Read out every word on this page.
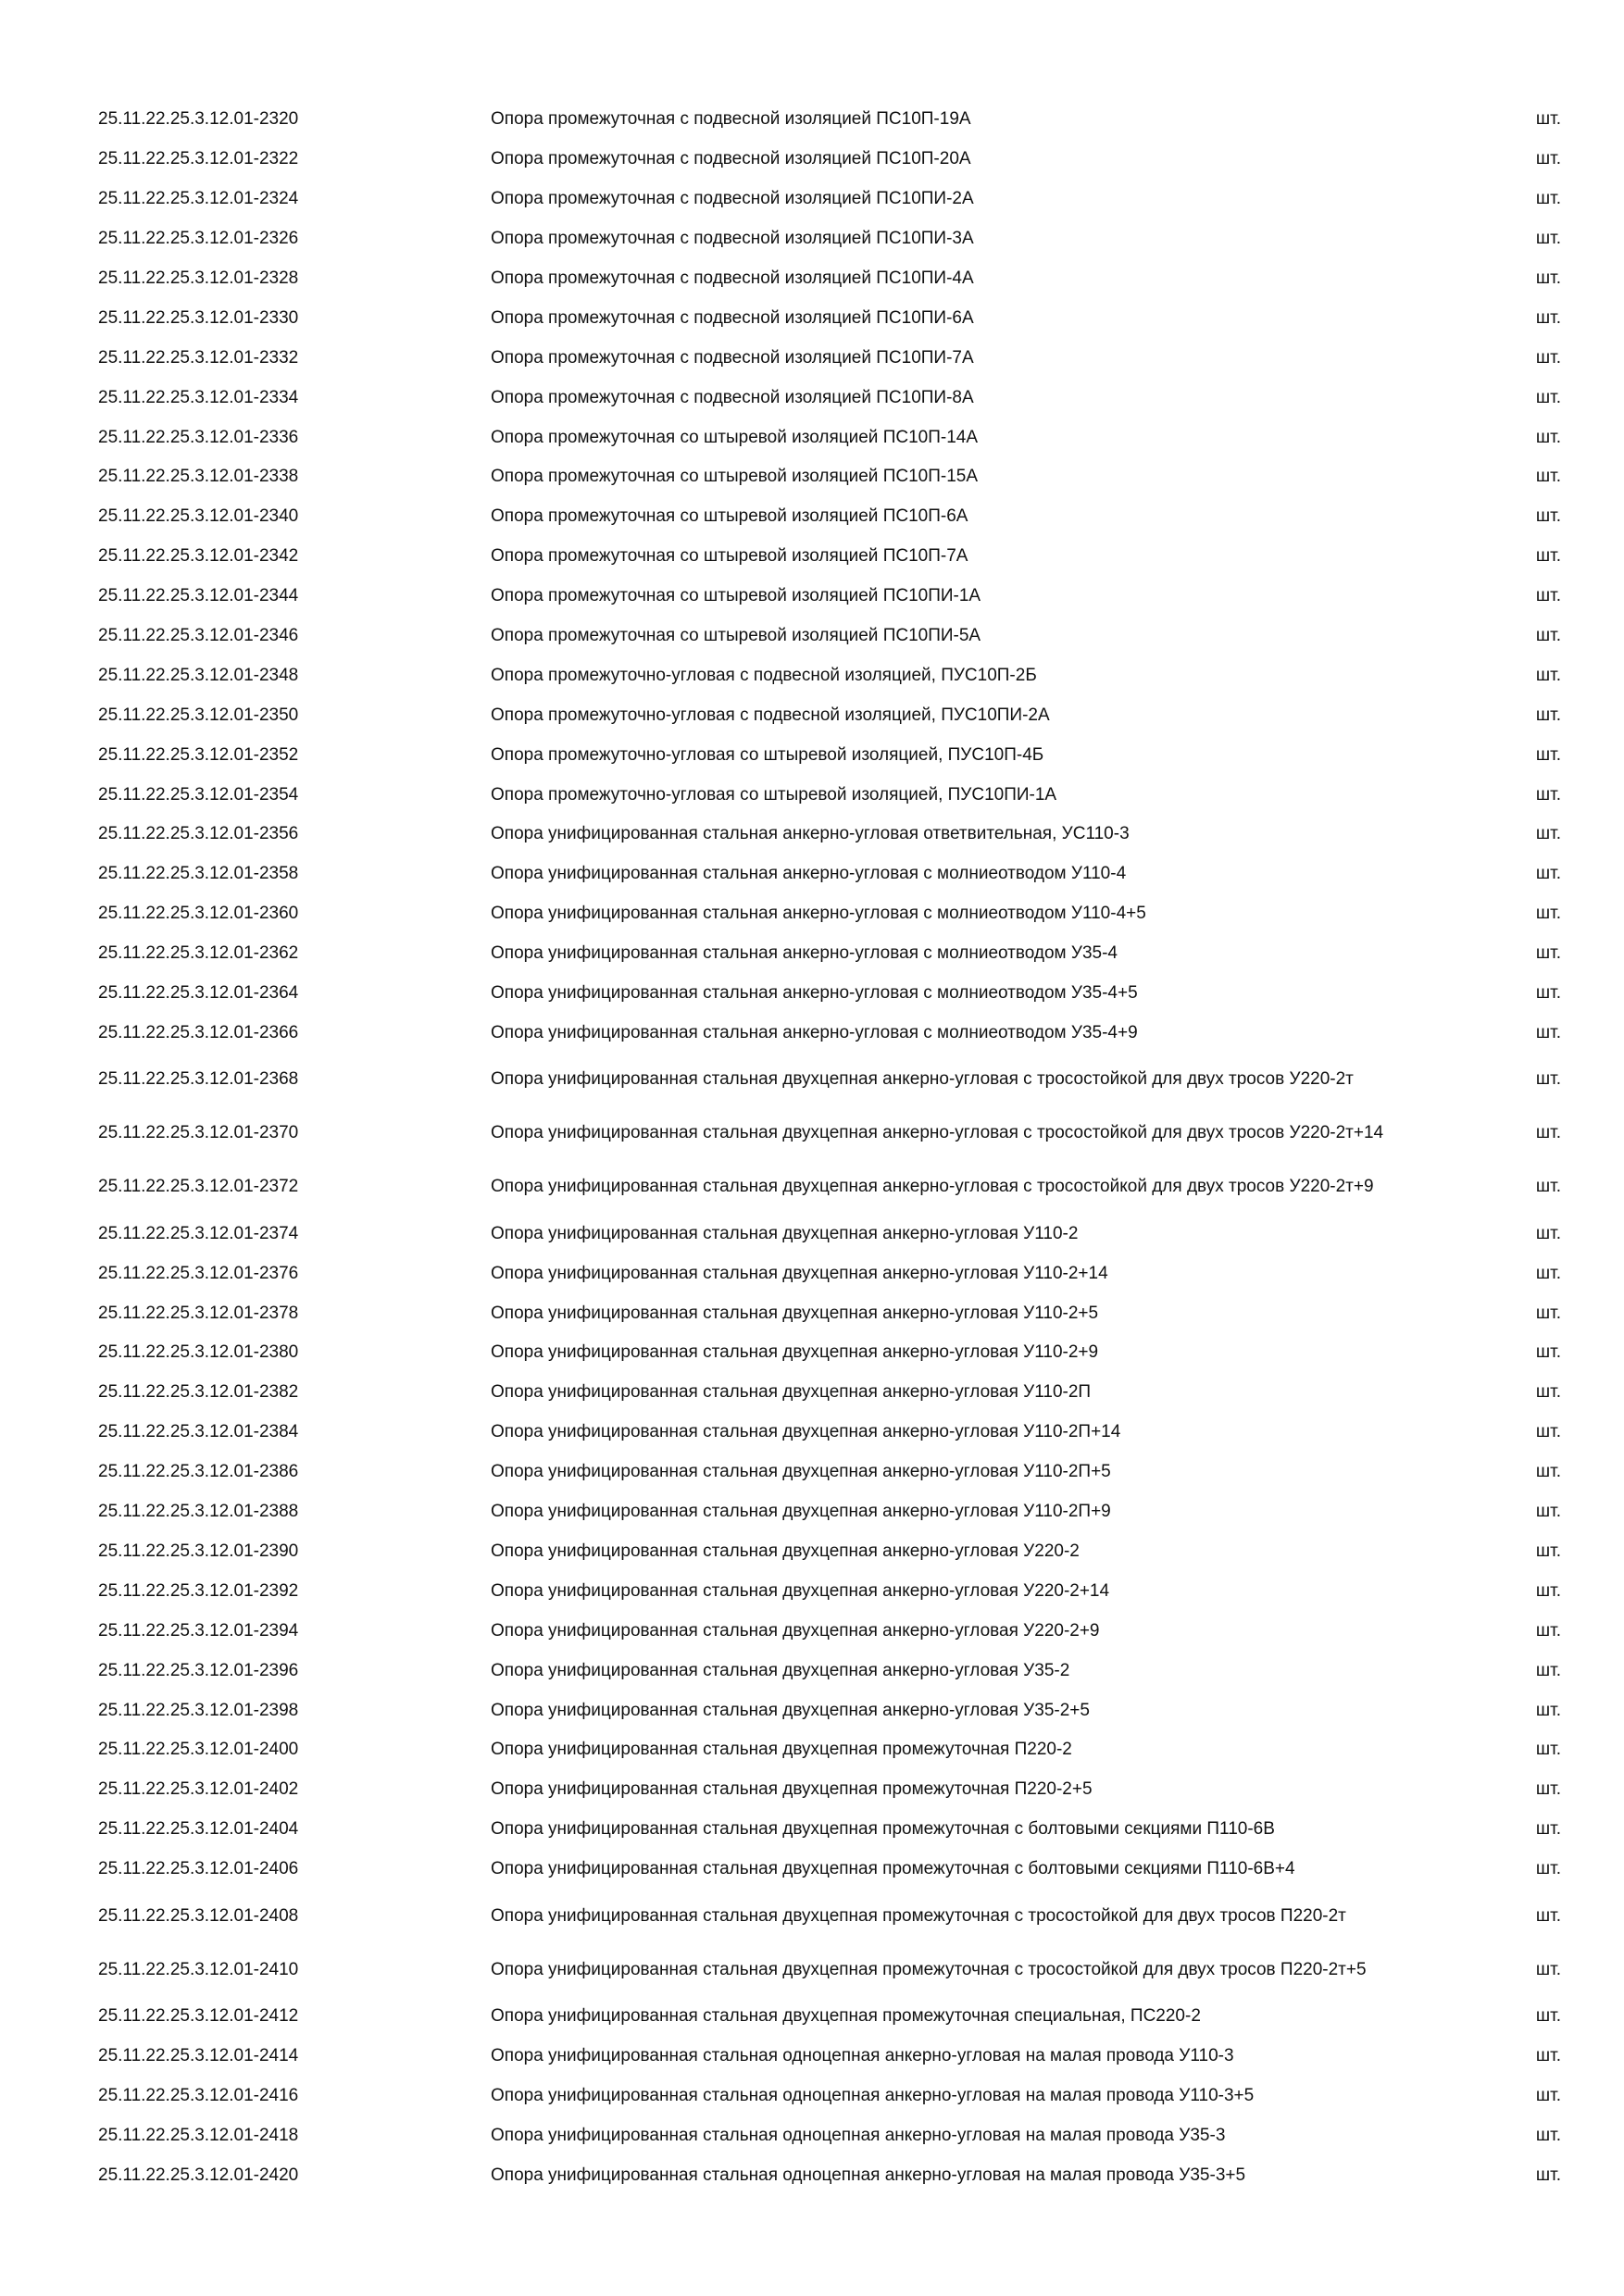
25.11.22.25.3.12.01-2320	Опора промежуточная с подвесной изоляцией ПС10П-19А	шт.
25.11.22.25.3.12.01-2322	Опора промежуточная с подвесной изоляцией ПС10П-20А	шт.
25.11.22.25.3.12.01-2324	Опора промежуточная с подвесной изоляцией ПС10ПИ-2А	шт.
25.11.22.25.3.12.01-2326	Опора промежуточная с подвесной изоляцией ПС10ПИ-3А	шт.
25.11.22.25.3.12.01-2328	Опора промежуточная с подвесной изоляцией ПС10ПИ-4А	шт.
25.11.22.25.3.12.01-2330	Опора промежуточная с подвесной изоляцией ПС10ПИ-6А	шт.
25.11.22.25.3.12.01-2332	Опора промежуточная с подвесной изоляцией ПС10ПИ-7А	шт.
25.11.22.25.3.12.01-2334	Опора промежуточная с подвесной изоляцией ПС10ПИ-8А	шт.
25.11.22.25.3.12.01-2336	Опора промежуточная со штыревой изоляцией ПС10П-14А	шт.
25.11.22.25.3.12.01-2338	Опора промежуточная со штыревой изоляцией ПС10П-15А	шт.
25.11.22.25.3.12.01-2340	Опора промежуточная со штыревой изоляцией ПС10П-6А	шт.
25.11.22.25.3.12.01-2342	Опора промежуточная со штыревой изоляцией ПС10П-7А	шт.
25.11.22.25.3.12.01-2344	Опора промежуточная со штыревой изоляцией ПС10ПИ-1А	шт.
25.11.22.25.3.12.01-2346	Опора промежуточная со штыревой изоляцией ПС10ПИ-5А	шт.
25.11.22.25.3.12.01-2348	Опора промежуточно-угловая с подвесной изоляцией, ПУС10П-2Б	шт.
25.11.22.25.3.12.01-2350	Опора промежуточно-угловая с подвесной изоляцией, ПУС10ПИ-2А	шт.
25.11.22.25.3.12.01-2352	Опора промежуточно-угловая со штыревой изоляцией, ПУС10П-4Б	шт.
25.11.22.25.3.12.01-2354	Опора промежуточно-угловая со штыревой изоляцией, ПУС10ПИ-1А	шт.
25.11.22.25.3.12.01-2356	Опора унифицированная стальная анкерно-угловая ответвительная, УС110-3	шт.
25.11.22.25.3.12.01-2358	Опора унифицированная стальная анкерно-угловая с молниеотводом У110-4	шт.
25.11.22.25.3.12.01-2360	Опора унифицированная стальная анкерно-угловая с молниеотводом У110-4+5	шт.
25.11.22.25.3.12.01-2362	Опора унифицированная стальная анкерно-угловая с молниеотводом У35-4	шт.
25.11.22.25.3.12.01-2364	Опора унифицированная стальная анкерно-угловая с молниеотводом У35-4+5	шт.
25.11.22.25.3.12.01-2366	Опора унифицированная стальная анкерно-угловая с молниеотводом У35-4+9	шт.
25.11.22.25.3.12.01-2368	Опора унифицированная стальная двухцепная анкерно-угловая с тросостойкой для двух тросов У220-2т	шт.
25.11.22.25.3.12.01-2370	Опора унифицированная стальная двухцепная анкерно-угловая с тросостойкой для двух тросов У220-2т+14	шт.
25.11.22.25.3.12.01-2372	Опора унифицированная стальная двухцепная анкерно-угловая с тросостойкой для двух тросов У220-2т+9	шт.
25.11.22.25.3.12.01-2374	Опора унифицированная стальная двухцепная анкерно-угловая У110-2	шт.
25.11.22.25.3.12.01-2376	Опора унифицированная стальная двухцепная анкерно-угловая У110-2+14	шт.
25.11.22.25.3.12.01-2378	Опора унифицированная стальная двухцепная анкерно-угловая У110-2+5	шт.
25.11.22.25.3.12.01-2380	Опора унифицированная стальная двухцепная анкерно-угловая У110-2+9	шт.
25.11.22.25.3.12.01-2382	Опора унифицированная стальная двухцепная анкерно-угловая У110-2П	шт.
25.11.22.25.3.12.01-2384	Опора унифицированная стальная двухцепная анкерно-угловая У110-2П+14	шт.
25.11.22.25.3.12.01-2386	Опора унифицированная стальная двухцепная анкерно-угловая У110-2П+5	шт.
25.11.22.25.3.12.01-2388	Опора унифицированная стальная двухцепная анкерно-угловая У110-2П+9	шт.
25.11.22.25.3.12.01-2390	Опора унифицированная стальная двухцепная анкерно-угловая У220-2	шт.
25.11.22.25.3.12.01-2392	Опора унифицированная стальная двухцепная анкерно-угловая У220-2+14	шт.
25.11.22.25.3.12.01-2394	Опора унифицированная стальная двухцепная анкерно-угловая У220-2+9	шт.
25.11.22.25.3.12.01-2396	Опора унифицированная стальная двухцепная анкерно-угловая У35-2	шт.
25.11.22.25.3.12.01-2398	Опора унифицированная стальная двухцепная анкерно-угловая У35-2+5	шт.
25.11.22.25.3.12.01-2400	Опора унифицированная стальная двухцепная промежуточная П220-2	шт.
25.11.22.25.3.12.01-2402	Опора унифицированная стальная двухцепная промежуточная П220-2+5	шт.
25.11.22.25.3.12.01-2404	Опора унифицированная стальная двухцепная промежуточная с болтовыми секциями П110-6В	шт.
25.11.22.25.3.12.01-2406	Опора унифицированная стальная двухцепная промежуточная с болтовыми секциями П110-6В+4	шт.
25.11.22.25.3.12.01-2408	Опора унифицированная стальная двухцепная промежуточная с тросостойкой для двух тросов П220-2т	шт.
25.11.22.25.3.12.01-2410	Опора унифицированная стальная двухцепная промежуточная с тросостойкой для двух тросов П220-2т+5	шт.
25.11.22.25.3.12.01-2412	Опора унифицированная стальная двухцепная промежуточная специальная, ПС220-2	шт.
25.11.22.25.3.12.01-2414	Опора унифицированная стальная одноцепная анкерно-угловая на малая провода У110-3	шт.
25.11.22.25.3.12.01-2416	Опора унифицированная стальная одноцепная анкерно-угловая на малая провода У110-3+5	шт.
25.11.22.25.3.12.01-2418	Опора унифицированная стальная одноцепная анкерно-угловая на малая провода У35-3	шт.
25.11.22.25.3.12.01-2420	Опора унифицированная стальная одноцепная анкерно-угловая на малая провода У35-3+5	шт.
